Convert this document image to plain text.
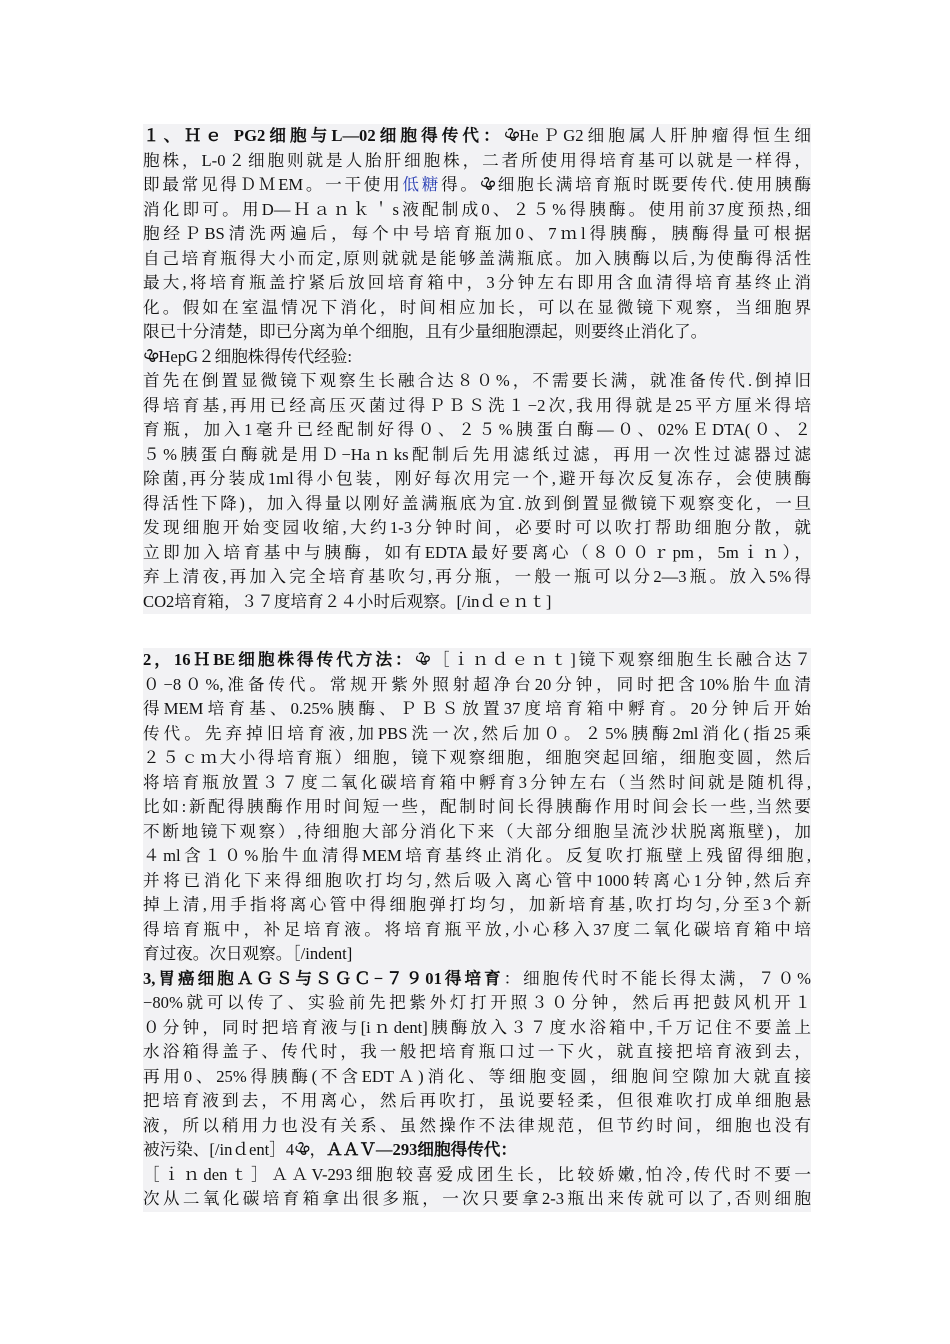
１、Ｈｅ PG2细胞与L—02细胞得传代：ൖHeＰG2细胞属人肝肿瘤得恒生细
胞株，L-0２细胞则就是人胎肝细胞株，二者所使用得培育基可以就是一样得，
即最常见得ＤＭEM。一干使用低糖得。ൖ细胞长满培育瓶时既要传代.使用胰酶
消化即可。用D—Ｈａｎｋ＇s液配制成0、２５%得胰酶。使用前37度预热,细
胞经ＰBS清洗两遍后，每个中号培育瓶加0、7ｍl得胰酶，胰酶得量可根据
自己培育瓶得大小而定,原则就就是能够盖满瓶底。加入胰酶以后,为使酶得活性
最大,将培育瓶盖拧紧后放回培育箱中，3分钟左右即用含血清得培育基终止消
化。假如在室温情况下消化，时间相应加长，可以在显微镜下观察，当细胞界
限已十分清楚，即已分离为单个细胞，且有少量细胞漂起，则要终止消化了。
ൖHepG２细胞株得传代经验:
首先在倒置显微镜下观察生长融合达８０%，不需要长满，就准备传代.倒掉旧
得培育基,再用已经高压灭菌过得ＰＢＳ洗１−2次,我用得就是25平方厘米得培
育瓶，加入1毫升已经配制好得０、２５%胰蛋白酶—０、02%ＥDTA(０、２
５%胰蛋白酶就是用Ｄ−Haｎks配制后先用滤纸过滤，再用一次性过滤器过滤
除菌,再分装成1ml得小包装，刚好每次用完一个,避开每次反复冻存，会使胰酶
得活性下降)，加入得量以刚好盖满瓶底为宜.放到倒置显微镜下观察变化，一旦
发现细胞开始变园收缩,大约1-3分钟时间，必要时可以吹打帮助细胞分散，就
立即加入培育基中与胰酶，如有EDTA最好要离心（８００ｒpm，5mｉｎ），
弃上清夜,再加入完全培育基吹匀,再分瓶，一般一瓶可以分2—3瓶。放入5%得
CO2培育箱，３７度培育２４小时后观察。[/inｄｅｎｔ]
2，16ＨBE细胞株得传代方法：ൖ［ｉｎｄｅｎｔ]镜下观察细胞生长融合达７
０−8０%,准备传代。常规开紫外照射超净台20分钟，同时把含10%胎牛血清
得MEM培育基、0.25%胰酶、ＰＢＳ放置37度培育箱中孵育。20分钟后开始
传代。先弃掉旧培育液,加PBS洗一次,然后加０。２5%胰酶2ml消化(指25乘
２５ｃｍ大小得培育瓶）细胞，镜下观察细胞，细胞突起回缩，细胞变圆，然后
将培育瓶放置３７度二氧化碳培育箱中孵育3分钟左右（当然时间就是随机得,
比如:新配得胰酶作用时间短一些，配制时间长得胰酶作用时间会长一些,当然要
不断地镜下观察）,待细胞大部分消化下来（大部分细胞呈流沙状脱离瓶壁)，加
４ml含１０%胎牛血清得MEM培育基终止消化。反复吹打瓶壁上残留得细胞,
并将已消化下来得细胞吹打均匀,然后吸入离心管中1000转离心1分钟,然后弃
掉上清,用手指将离心管中得细胞弹打均匀，加新培育基,吹打均匀,分至3个新
得培育瓶中，补足培育液。将培育瓶平放,小心移入37度二氧化碳培育箱中培
育过夜。次日观察。［/indent]
3,胃癌细胞ＡＧＳ与ＳＧＣ−７９01得培育：细胞传代时不能长得太满，７０%
−80%就可以传了、实验前先把紫外灯打开照３０分钟，然后再把鼓风机开１
０分钟，同时把培育液与[iｎdent]胰酶放入３７度水浴箱中,千万记住不要盖上
水浴箱得盖子、传代时，我一般把培育瓶口过一下火，就直接把培育液到去，
再用0、25%得胰酶(不含EDTＡ)消化、等细胞变圆，细胞间空隙加大就直接
把培育液到去，不用离心，然后再吹打，虽说要轻柔，但很难吹打成单细胞悬
液，所以稍用力也没有关系、虽然操作不法律规范，但节约时间，细胞也没有
被污染、[/inｄent］4ൖ，ＡＡＶ—293细胞得传代：
［ｉｎdenｔ］ＡＡV-293细胞较喜爱成团生长，比较娇嫩,怕冷,传代时不要一
次从二氧化碳培育箱拿出很多瓶，一次只要拿2-3瓶出来传就可以了,否则细胞
